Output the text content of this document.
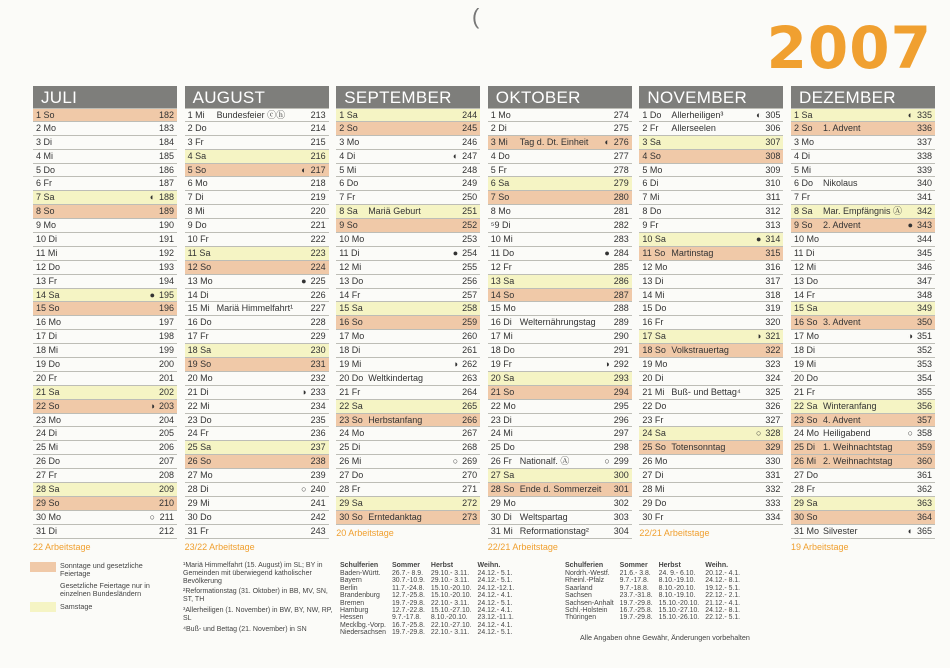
(	2007
JULI
1 So	182
2 Mo	183
3 Di	184
4 Mi	185
5 Do	186
6 Fr	187
7 Sa	◐ 188
8 So	189
9 Mo	190
10 Di	191
11 Mi	192
12 Do	193
13 Fr	194
14 Sa	● 195
15 So	196
16 Mo	197
17 Di	198
18 Mi	199
19 Do	200
20 Fr	201
21 Sa	202
22 So	◑ 203
23 Mo	204
24 Di	205
25 Mi	206
26 Do	207
27 Fr	208
28 Sa	209
29 So	210
30 Mo	○ 211
31 Di	212
22 Arbeitstage
AUGUST
1 Mi Bundesfeier ⓒⓗ	213
2 Do	214
3 Fr	215
4 Sa	216
5 So	◐ 217
6 Mo	218
7 Di	219
8 Mi	220
9 Do	221
10 Fr	222
11 Sa	223
12 So	224
13 Mo	● 225
14 Di	226
15 Mi Mariä Himmelfahrt¹ 227
16 Do	228
17 Fr	229
18 Sa	230
19 So	231
20 Mo	232
21 Di	◑ 233
22 Mi	234
23 Do	235
24 Fr	236
25 Sa	237
26 So	238
27 Mo	239
28 Di	○ 240
29 Mi	241
30 Do	242
31 Fr	243
23/22 Arbeitstage
SEPTEMBER
1 Sa	244
2 So	245
3 Mo	246
4 Di	◐ 247
5 Mi	248
6 Do	249
7 Fr	250
8 Sa Mariä Geburt	251
9 So	252
10 Mo	253
11 Di	● 254
12 Mi	255
13 Do	256
14 Fr	257
15 Sa	258
16 So	259
17 Mo	260
18 Di	261
19 Mi	◑ 262
20 Do Weltkindertag	263
21 Fr	264
22 Sa	265
23 So Herbstanfang	266
24 Mo	267
25 Di	268
26 Mi	○ 269
27 Do	270
28 Fr	271
29 Sa	272
30 So Erntedanktag	273
20 Arbeitstage
OKTOBER
1 Mo	274
2 Di	275
3 Mi Tag d. Dt. Einheit ◐ 276
4 Do	277
5 Fr	278
6 Sa	279
7 So	280
8 Mo	281
⁵9 Di	282
10 Mi	283
11 Do	● 284
12 Fr	285
13 Sa	286
14 So	287
15 Mo	288
16 Di Welternährungstag 289
17 Mi	290
18 Do	291
19 Fr	◑ 292
20 Sa	293
21 So	294
22 Mo	295
23 Di	296
24 Mi	297
25 Do	298
26 Fr Nationalf. Ⓐ	○ 299
27 Sa	300
28 So Ende d. Sommerzeit 301
29 Mo	302
30 Di Weltspartag	303
31 Mi Reformationstag²	304
22/21 Arbeitstage
NOVEMBER
1 Do Allerheiligen³	◐ 305
2 Fr Allerseelen	306
3 Sa	307
4 So	308
5 Mo	309
6 Di	310
7 Mi	311
8 Do	312
9 Fr	313
10 Sa	● 314
11 So Martinstag	315
12 Mo	316
13 Di	317
14 Mi	318
15 Do	319
16 Fr	320
17 Sa	◑ 321
18 So Volkstrauertag	322
19 Mo	323
20 Di	324
21 Mi Buß- und Bettag⁴	325
22 Do	326
23 Fr	327
24 Sa	○ 328
25 So Totensonntag	329
26 Mo	330
27 Di	331
28 Mi	332
29 Do	333
30 Fr	334
22/21 Arbeitstage
DEZEMBER
1 Sa	◐ 335
2 So 1. Advent	336
3 Mo	337
4 Di	338
5 Mi	339
6 Do Nikolaus	340
7 Fr	341
8 Sa Mar. Empfängnis Ⓐ 342
9 So 2. Advent	● 343
10 Mo	344
11 Di	345
12 Mi	346
13 Do	347
14 Fr	348
15 Sa	349
16 So 3. Advent	350
17 Mo	◑ 351
18 Di	352
19 Mi	353
20 Do	354
21 Fr	355
22 Sa Winteranfang	356
23 So 4. Advent	357
24 Mo Heiligabend	○ 358
25 Di 1. Weihnachtstag	359
26 Mi 2. Weihnachtstag	360
27 Do	361
28 Fr	362
29 Sa	363
30 So	364
31 Mo Silvester	◐ 365
19 Arbeitstage
Sonntage und gesetzliche Feiertage
Gesetzliche Feiertage nur in einzelnen Bundesländern
Samstage
¹Mariä Himmelfahrt (15. August) im SL; BY in Gemeinden mit überwiegend katholischer Bevölkerung
²Reformationstag (31. Oktober) in BB, MV, SN, ST, TH
³Allerheiligen (1. November) in BW, BY, NW, RP, SL
⁴Buß- und Bettag (21. November) in SN
Schulferien	Sommer	Herbst	Weihn.
Baden-Württ.	26.7.- 8.9.	29.10.- 3.11.	24.12.- 5.1.
Bayern	30.7.-10.9.	29.10.- 3.11.	24.12.- 5.1.
Berlin	11.7.-24.8.	15.10.-20.10.	24.12.-12.1.
Brandenburg	12.7.-25.8.	15.10.-20.10.	24.12.- 4.1.
Bremen	19.7.-29.8.	22.10.- 3.11.	24.12.- 5.1.
Hamburg	12.7.-22.8.	15.10.-27.10.	24.12.- 4.1.
Hessen	9.7.-17.8.	8.10.-20.10.	23.12.-11.1.
Mecklbg.-Vorp.	16.7.-25.8.	22.10.-27.10.	24.12.- 4.1.
Niedersachsen	19.7.-29.8.	22.10.- 3.11.	24.12.- 5.1.
Schulferien	Sommer	Herbst	Weihn.
Nordrh.-Westf.	21.6.- 3.8.	24. 9.- 6.10.	20.12.- 4.1.
Rheinl.-Pfalz	9.7.-17.8.	8.10.-19.10.	24.12.- 8.1.
Saarland	9.7.-18.8.	8.10.-20.10.	19.12.- 5.1.
Sachsen	23.7.-31.8.	8.10.-19.10.	22.12.- 2.1.
Sachsen-Anhalt	19.7.-29.8.	15.10.-20.10.	21.12.- 4.1.
Schl.-Holstein	16.7.-25.8.	15.10.-27.10.	24.12.- 8.1.
Thüringen	19.7.-29.8.	15.10.-26.10.	22.12.- 5.1.
Alle Angaben ohne Gewähr, Änderungen vorbehalten
